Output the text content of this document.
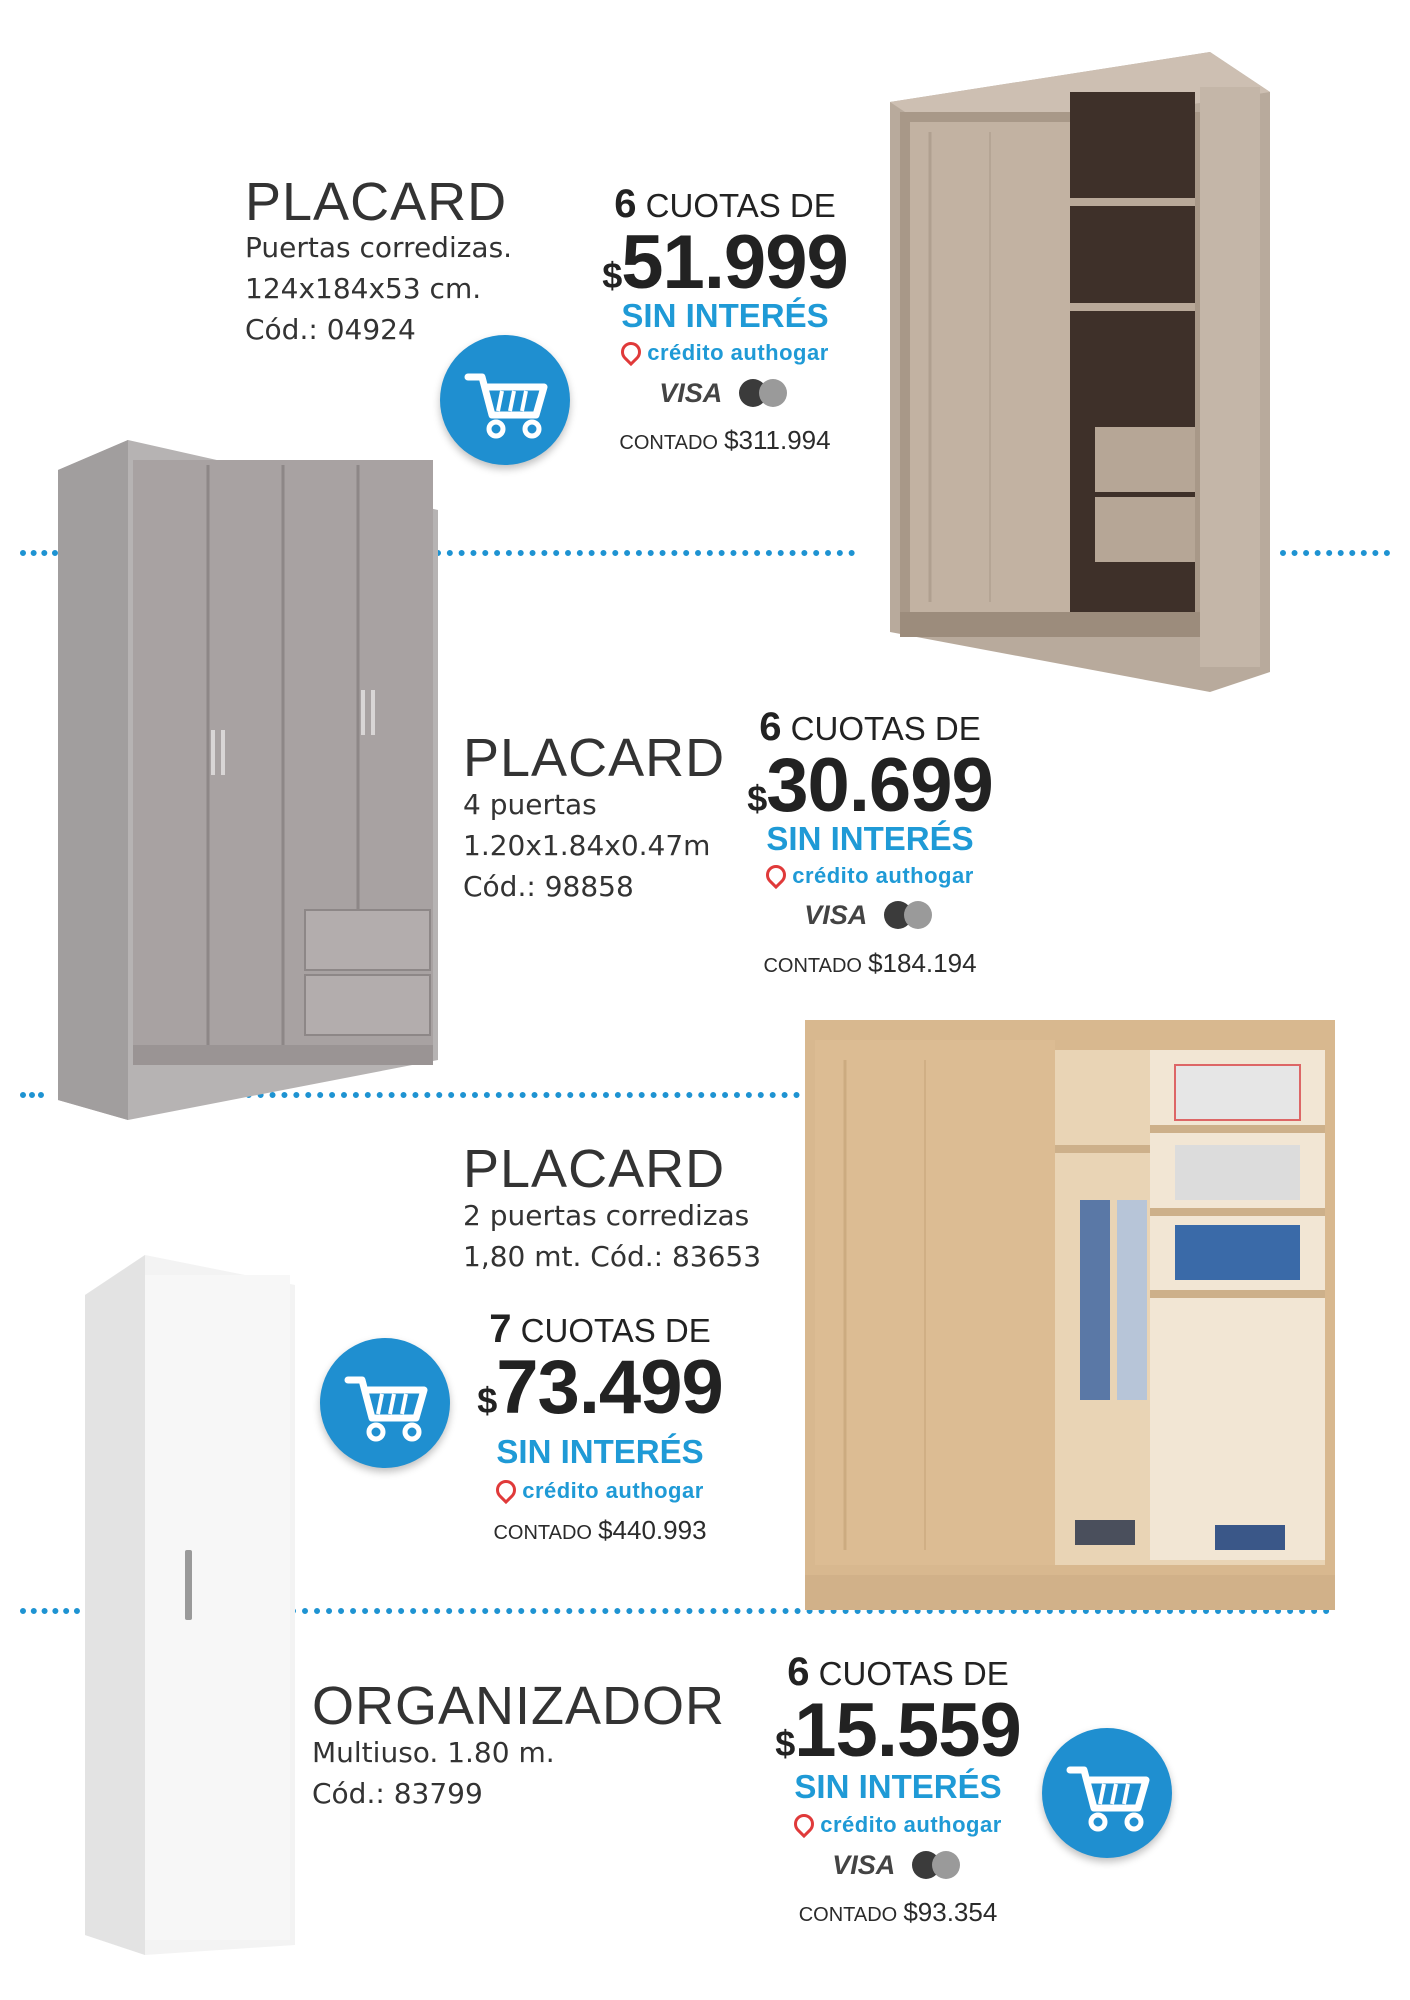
PLACARD
Puertas corredizas.
124x184x53 cm.
Cód.: 04924
6 CUOTAS DE
$51.999
SIN INTERÉS
crédito authogar
VISA
CONTADO $311.994
PLACARD
4 puertas
1.20x1.84x0.47m
Cód.: 98858
6 CUOTAS DE
$30.699
SIN INTERÉS
crédito authogar
VISA
CONTADO $184.194
PLACARD
2 puertas corredizas
1,80 mt. Cód.: 83653
7 CUOTAS DE
$73.499
SIN INTERÉS
crédito authogar
CONTADO $440.993
ORGANIZADOR
Multiuso. 1.80 m.
Cód.: 83799
6 CUOTAS DE
$15.559
SIN INTERÉS
crédito authogar
VISA
CONTADO $93.354
